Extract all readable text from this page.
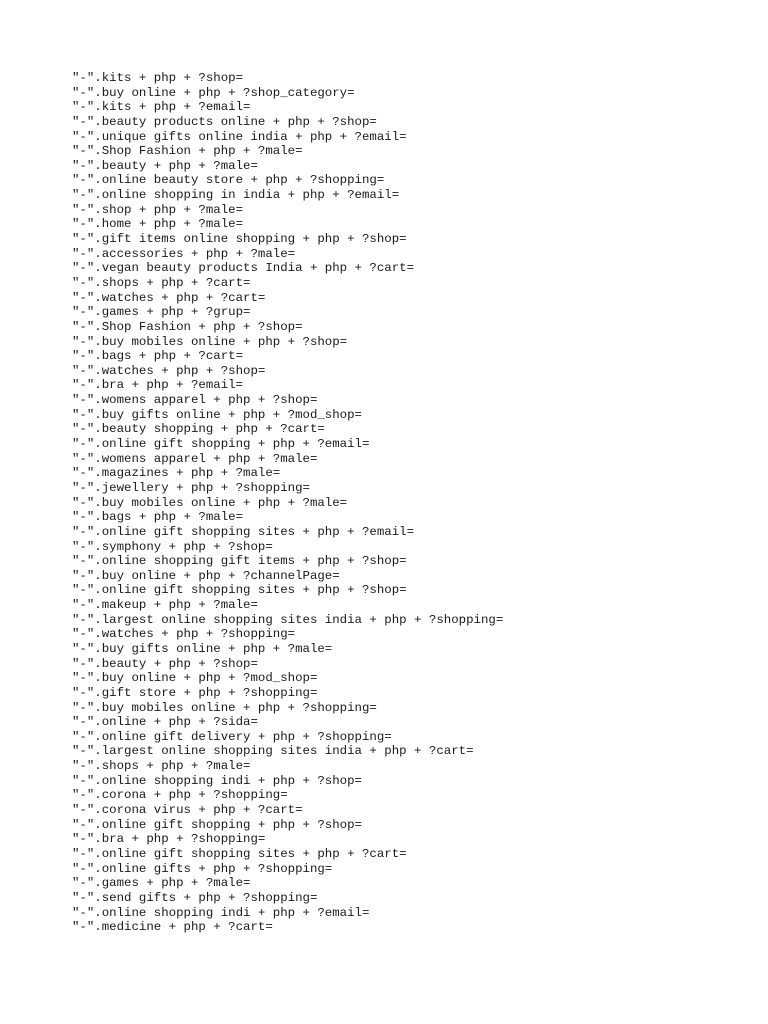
"-".kits + php + ?shop=
"-".buy online + php + ?shop_category=
"-".kits + php + ?email=
"-".beauty products online + php + ?shop=
"-".unique gifts online india + php + ?email=
"-".Shop Fashion + php + ?male=
"-".beauty + php + ?male=
"-".online beauty store + php + ?shopping=
"-".online shopping in india + php + ?email=
"-".shop + php + ?male=
"-".home + php + ?male=
"-".gift items online shopping + php + ?shop=
"-".accessories + php + ?male=
"-".vegan beauty products India + php + ?cart=
"-".shops + php + ?cart=
"-".watches + php + ?cart=
"-".games + php + ?grup=
"-".Shop Fashion + php + ?shop=
"-".buy mobiles online + php + ?shop=
"-".bags + php + ?cart=
"-".watches + php + ?shop=
"-".bra + php + ?email=
"-".womens apparel + php + ?shop=
"-".buy gifts online + php + ?mod_shop=
"-".beauty shopping + php + ?cart=
"-".online gift shopping + php + ?email=
"-".womens apparel + php + ?male=
"-".magazines + php + ?male=
"-".jewellery + php + ?shopping=
"-".buy mobiles online + php + ?male=
"-".bags + php + ?male=
"-".online gift shopping sites + php + ?email=
"-".symphony + php + ?shop=
"-".online shopping gift items + php + ?shop=
"-".buy online + php + ?channelPage=
"-".online gift shopping sites + php + ?shop=
"-".makeup + php + ?male=
"-".largest online shopping sites india + php + ?shopping=
"-".watches + php + ?shopping=
"-".buy gifts online + php + ?male=
"-".beauty + php + ?shop=
"-".buy online + php + ?mod_shop=
"-".gift store + php + ?shopping=
"-".buy mobiles online + php + ?shopping=
"-".online + php + ?sida=
"-".online gift delivery + php + ?shopping=
"-".largest online shopping sites india + php + ?cart=
"-".shops + php + ?male=
"-".online shopping indi + php + ?shop=
"-".corona + php + ?shopping=
"-".corona virus + php + ?cart=
"-".online gift shopping + php + ?shop=
"-".bra + php + ?shopping=
"-".online gift shopping sites + php + ?cart=
"-".online gifts + php + ?shopping=
"-".games + php + ?male=
"-".send gifts + php + ?shopping=
"-".online shopping indi + php + ?email=
"-".medicine + php + ?cart=
